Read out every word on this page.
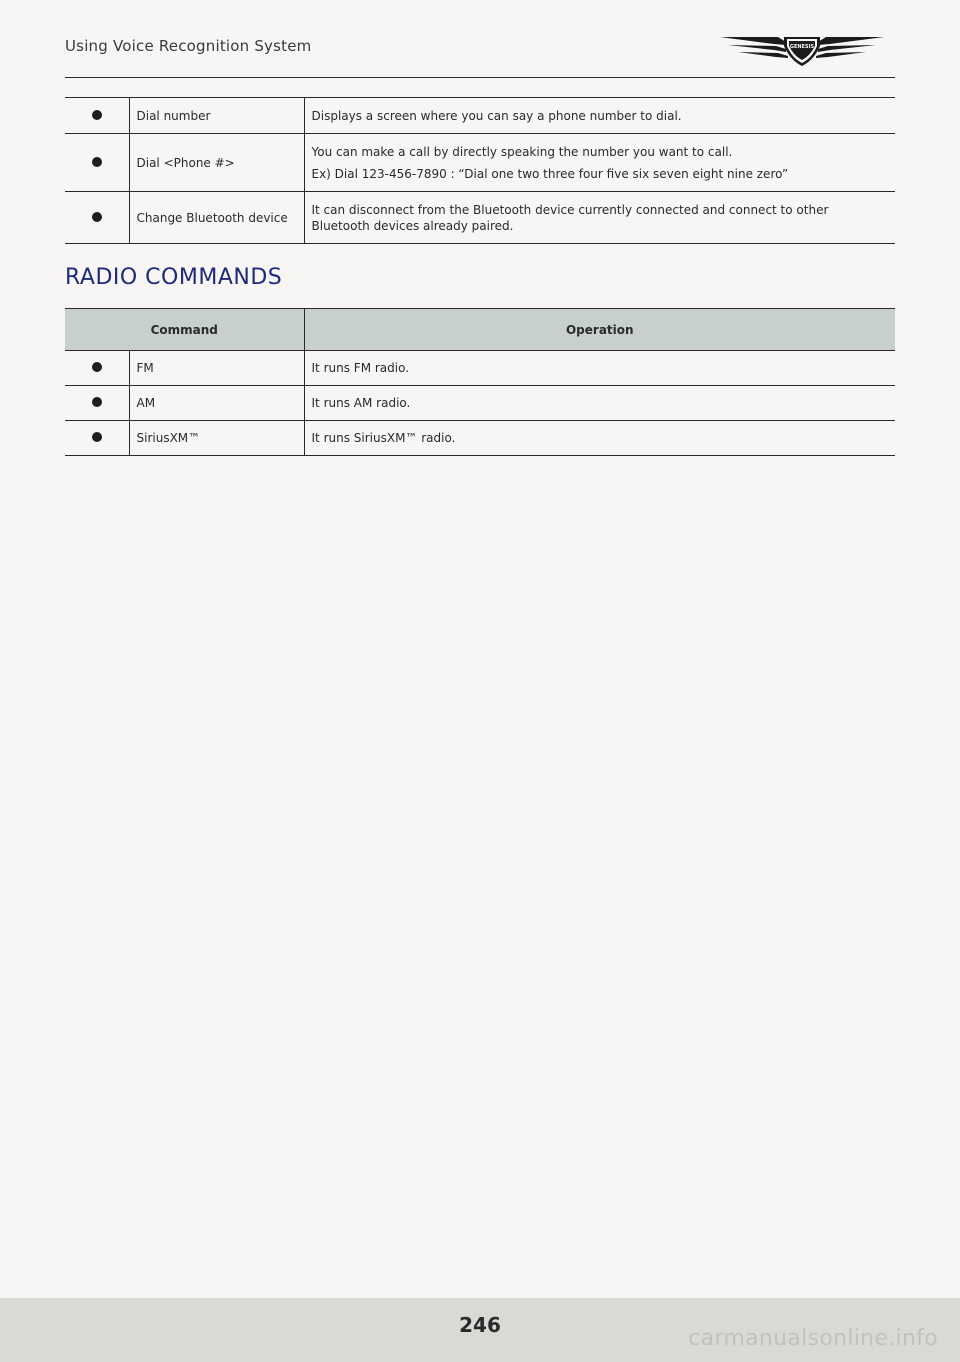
Using Voice Recognition System	GENESIS
	Dial number	Displays a screen where you can say a phone number to dial.
	Dial <Phone #>	You can make a call by directly speaking the number you want to call.
Ex) Dial 123-456-7890 : “Dial one two three four five six seven eight nine zero”

	Change Bluetooth device	It can disconnect from the Bluetooth device currently connected and connect to other Bluetooth devices already paired.
RADIO COMMANDS
Command		Operation
	FM	It runs FM radio.
	AM	It runs AM radio.
	SiriusXM™	It runs SiriusXM™ radio.
246
carmanualsonline.info
